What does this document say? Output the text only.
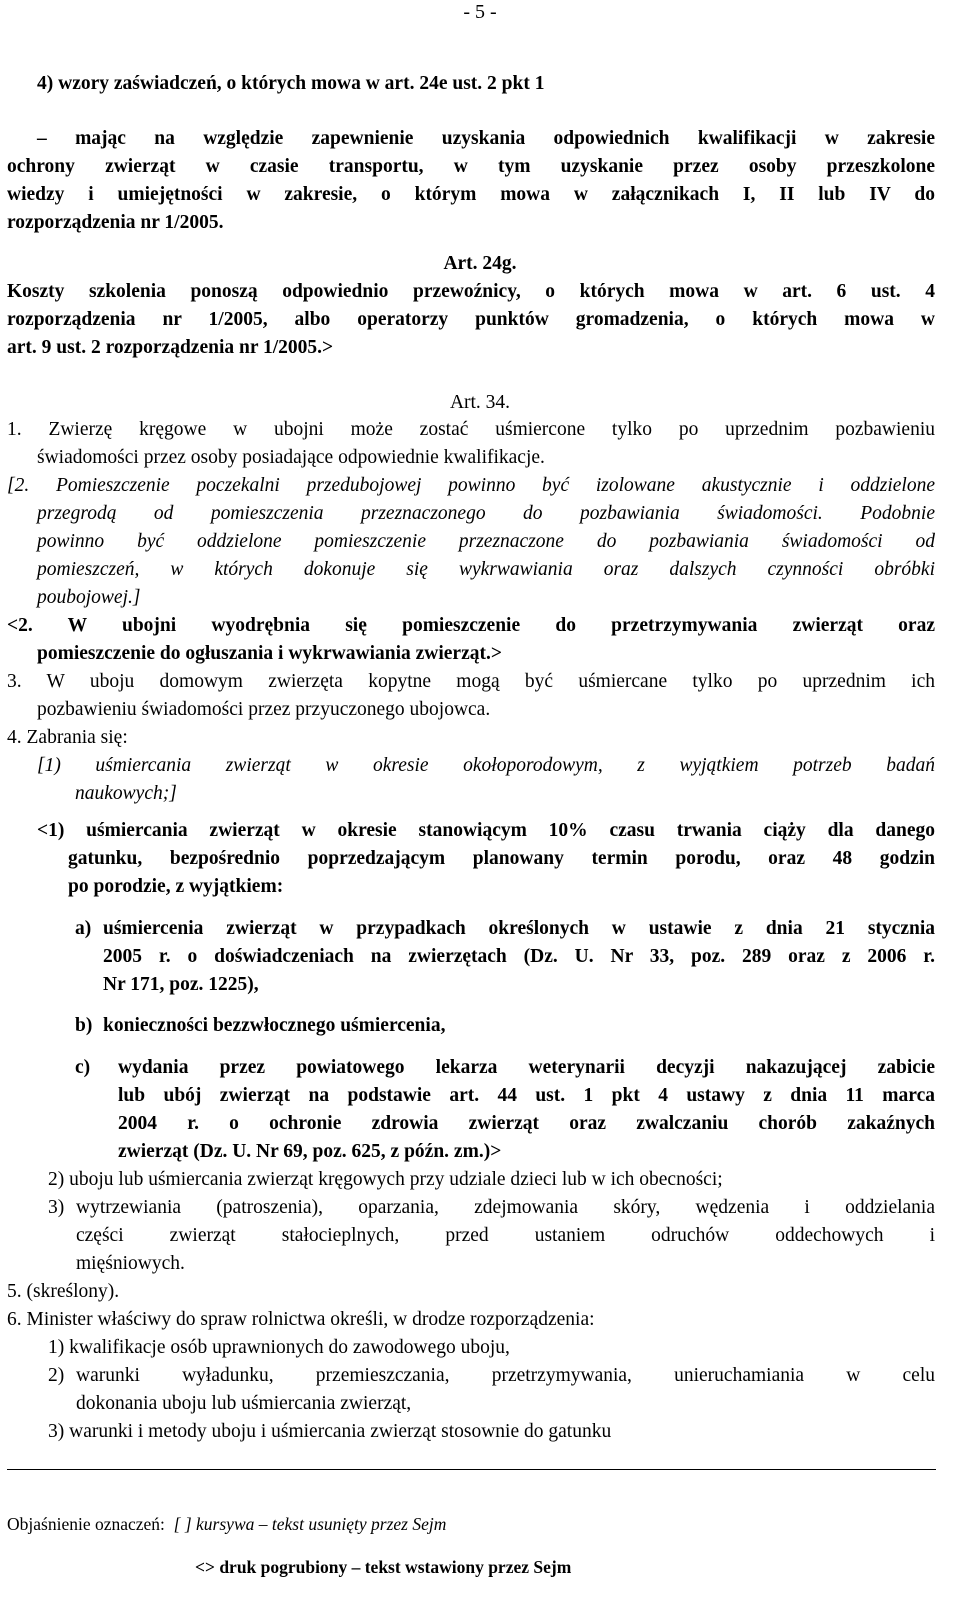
- 5 -
4) wzory zaświadczeń, o których mowa w art. 24e ust. 2 pkt 1
– mając na względzie zapewnienie uzyskania odpowiednich kwalifikacji w zakresie
ochrony zwierząt w czasie transportu, w tym uzyskanie przez osoby przeszkolone
wiedzy i umiejętności w zakresie, o którym mowa w załącznikach I, II lub IV do
rozporządzenia nr 1/2005.
Art. 24g.
Koszty szkolenia ponoszą odpowiednio przewoźnicy, o których mowa w art. 6 ust. 4
rozporządzenia nr 1/2005, albo operatorzy punktów gromadzenia, o których mowa w
art. 9 ust. 2 rozporządzenia nr 1/2005.>
Art. 34.
1. Zwierzę kręgowe w ubojni może zostać uśmiercone tylko po uprzednim pozbawieniu
świadomości przez osoby posiadające odpowiednie kwalifikacje.
[2. Pomieszczenie poczekalni przedubojowej powinno być izolowane akustycznie i oddzielone
przegrodą od pomieszczenia przeznaczonego do pozbawiania świadomości. Podobnie
powinno być oddzielone pomieszczenie przeznaczone do pozbawiania świadomości od
pomieszczeń, w których dokonuje się wykrwawiania oraz dalszych czynności obróbki
poubojowej.]
<2. W ubojni wyodrębnia się pomieszczenie do przetrzymywania zwierząt oraz
pomieszczenie do ogłuszania i wykrwawiania zwierząt.>
3. W uboju domowym zwierzęta kopytne mogą być uśmiercane tylko po uprzednim ich
pozbawieniu świadomości przez przyuczonego ubojowca.
4. Zabrania się:
[1) uśmiercania zwierząt w okresie okołoporodowym, z wyjątkiem potrzeb badań
naukowych;]
<1) uśmiercania zwierząt w okresie stanowiącym 10% czasu trwania ciąży dla danego
gatunku, bezpośrednio poprzedzającym planowany termin porodu, oraz 48 godzin
po porodzie, z wyjątkiem:
a) uśmiercenia zwierząt w przypadkach określonych w ustawie z dnia 21 stycznia
2005 r. o doświadczeniach na zwierzętach (Dz. U. Nr 33, poz. 289 oraz z 2006 r.
Nr 171, poz. 1225),
b) konieczności bezzwłocznego uśmiercenia,
c)	wydania przez powiatowego lekarza weterynarii decyzji nakazującej zabicie
lub ubój zwierząt na podstawie art. 44 ust. 1 pkt 4 ustawy z dnia 11 marca
2004 r. o ochronie zdrowia zwierząt oraz zwalczaniu chorób zakaźnych
zwierząt (Dz. U. Nr 69, poz. 625, z późn. zm.)>
2) uboju lub uśmiercania zwierząt kręgowych przy udziale dzieci lub w ich obecności;
3) wytrzewiania (patroszenia), oparzania, zdejmowania skóry, wędzenia i oddzielania
części zwierząt stałocieplnych, przed ustaniem odruchów oddechowych i
mięśniowych.
5. (skreślony).
6. Minister właściwy do spraw rolnictwa określi, w drodze rozporządzenia:
1) kwalifikacje osób uprawnionych do zawodowego uboju,
2) warunki wyładunku, przemieszczania, przetrzymywania, unieruchamiania w celu
dokonania uboju lub uśmiercania zwierząt,
3) warunki i metody uboju i uśmiercania zwierząt stosownie do gatunku
Objaśnienie oznaczeń: [ ] kursywa – tekst usunięty przez Sejm
<> druk pogrubiony – tekst wstawiony przez Sejm
